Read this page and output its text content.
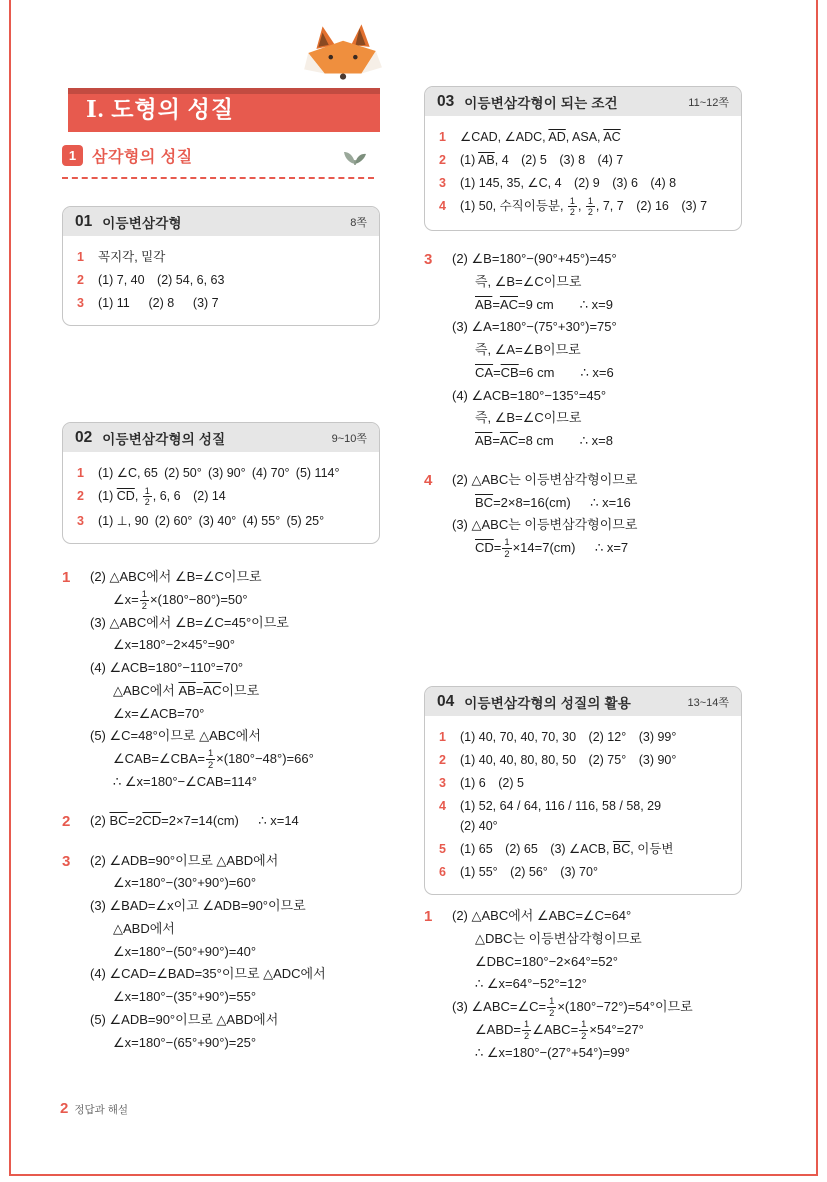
Ⅰ. 도형의 성질
1 삼각형의 성질
01 이등변삼각형	8쪽
1	꼭지각, 밑각
2	(1) 7, 40 (2) 54, 6, 63
3	(1) 11  (2) 8  (3) 7
02 이등변삼각형의 성질	9~10쪽
1	(1) ∠C, 65 (2) 50° (3) 90° (4) 70° (5) 114°
2	(1) $\overline{CD}$, $\frac{1}{2}$ , 6, 6 (2) 14
3	(1) ⊥, 90 (2) 60° (3) 40° (4) 55° (5) 25°
1	(2) △ABC에서 ∠B=∠C이므로
∠x= $\frac{1}{2} \times(180^\circ-80^\circ)=50^\circ$
(3) △ABC에서 ∠B=∠C=45°이므로
∠x=180°−2×45°=90°
(4) ∠ACB=180°−110°=70°
△ABC에서 $\overline{AB}=\overline{AC}$이므로
∠x=∠ACB=70°
(5) ∠C=48°이므로 △ABC에서
∠CAB=∠CBA= $\frac{1}{2} \times(180^\circ-48^\circ)=66^\circ$
∴ ∠x=180°−∠CAB=114°
2	(2) $\overline{BC}=2\overline{CD}=2\times 7=14(cm)$  ∴ x=14
3	(2) ∠ADB=90°이므로 △ABD에서
∠x=180°−(30°+90°)=60°
(3) ∠BAD=∠x이고 ∠ADB=90°이므로
△ABD에서
∠x=180°−(50°+90°)=40°
(4) ∠CAD=∠BAD=35°이므로 △ADC에서
∠x=180°−(35°+90°)=55°
(5) ∠ADB=90°이므로 △ABD에서
∠x=180°−(65°+90°)=25°
03 이등변삼각형이 되는 조건	11~12쪽
1	∠CAD, ∠ADC, $\overline{AD}$, ASA, $\overline{AC}$
2	(1) $\overline{AB}$, 4 (2) 5 (3) 8 (4) 7
3	(1) 145, 35, ∠C, 4 (2) 9 (3) 6 (4) 8
4	(1) 50, 수직이등분, $\frac{1}{2}$ , $\frac{1}{2}$ , 7, 7 (2) 16 (3) 7
3	(2) ∠B=180°−(90°+45°)=45°
즉, ∠B=∠C이므로
$\overline{AB}=\overline{AC}=9$ cm  ∴ x=9
(3) ∠A=180°−(75°+30°)=75°
즉, ∠A=∠B이므로
$\overline{CA}=\overline{CB}=6$ cm  ∴ x=6
(4) ∠ACB=180°−135°=45°
즉, ∠B=∠C이므로
$\overline{AB}=\overline{AC}=8$ cm  ∴ x=8
4	(2) △ABC는 이등변삼각형이므로
$\overline{BC}=2\times 8=16(cm)$  ∴ x=16
(3) △ABC는 이등변삼각형이므로
$\overline{CD}= \frac{1}{2} \times 14=7(cm)$  ∴ x=7
04 이등변삼각형의 성질의 활용	13~14쪽
1	(1) 40, 70, 40, 70, 30 (2) 12° (3) 99°
2	(1) 40, 40, 80, 80, 50 (2) 75° (3) 90°
3	(1) 6 (2) 5
4	(1) 52, 64 / 64, 116 / 116, 58 / 58, 29
(2) 40°
5	(1) 65 (2) 65 (3) ∠ACB, $\overline{BC}$, 이등변
6	(1) 55° (2) 56° (3) 70°
1	(2) △ABC에서 ∠ABC=∠C=64°
△DBC는 이등변삼각형이므로
∠DBC=180°−2×64°=52°
∴ ∠x=64°−52°=12°
(3) ∠ABC=∠C= $\frac{1}{2} \times(180^\circ-72^\circ)=54^\circ$이므로
∠ABD= $\frac{1}{2}$ ∠ABC= $\frac{1}{2} \times 54^\circ=27^\circ$
∴ ∠x=180°−(27°+54°)=99°
2 정답과 해설
